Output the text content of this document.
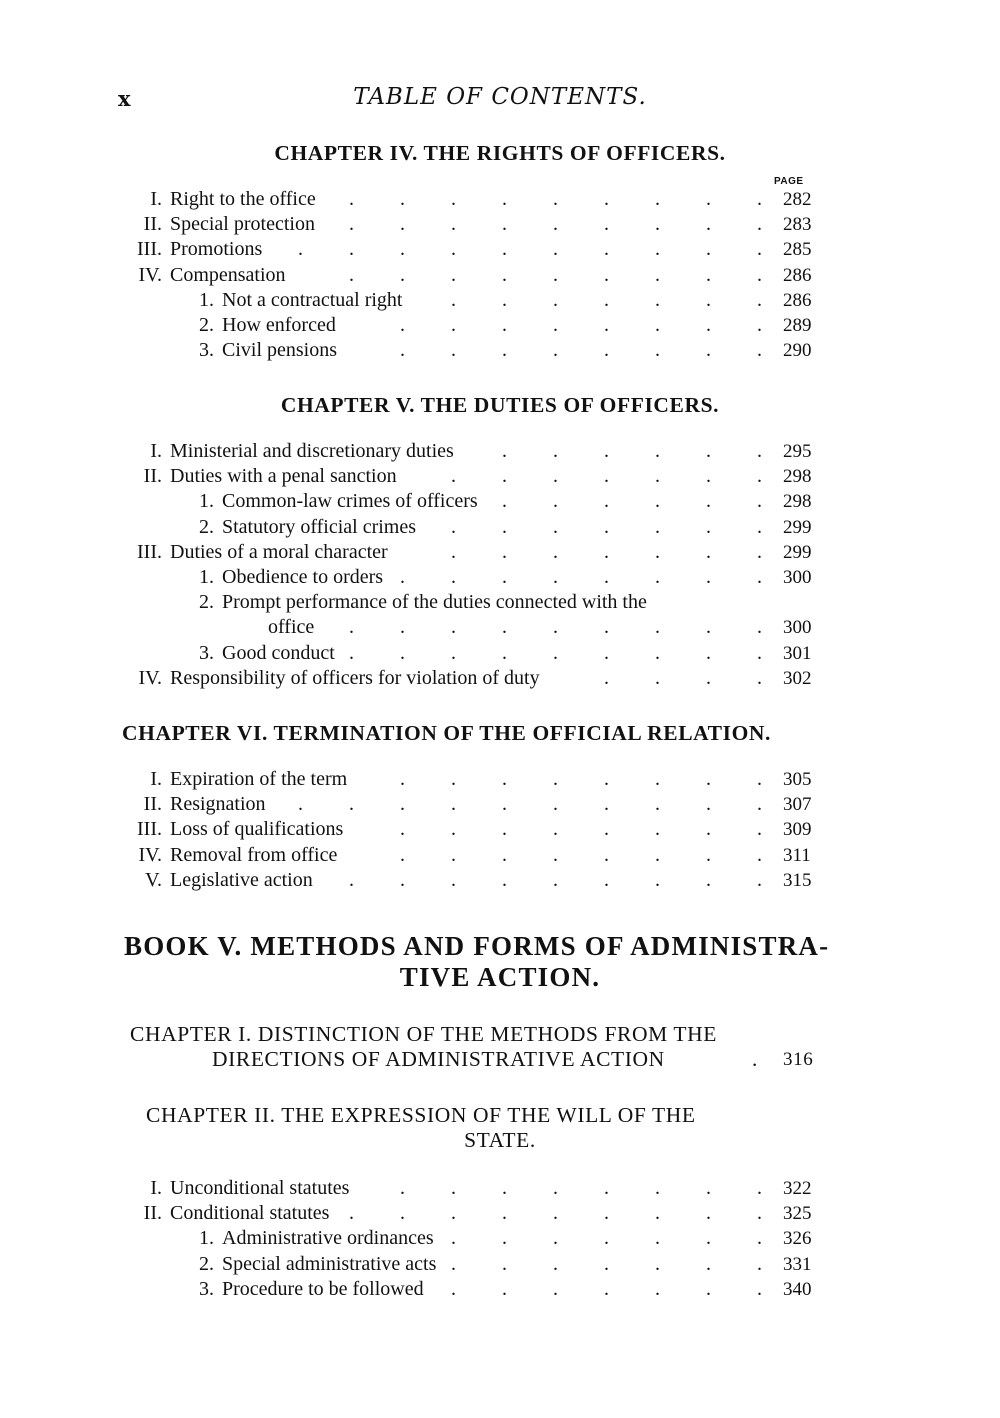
x	TABLE OF CONTENTS.
CHAPTER IV. THE RIGHTS OF OFFICERS.
PAGE
I. Right to the office	282
.
.
.
.
.
.
.
.
.
II. Special protection	283
.
.
.
.
.
.
.
.
.
III. Promotions	285
.
.
.
.
.
.
.
.
.
.
IV. Compensation	286
.
.
.
.
.
.
.
.
.
1. Not a contractual right	286
.
.
.
.
.
.
.
2. How enforced	289
.
.
.
.
.
.
.
.
3. Civil pensions	290
.
.
.
.
.
.
.
.
CHAPTER V. THE DUTIES OF OFFICERS.
I. Ministerial and discretionary duties	295
.
.
.
.
.
.
II. Duties with a penal sanction	298
.
.
.
.
.
.
.
1. Common-law crimes of officers	298
.
.
.
.
.
.
2. Statutory official crimes	299
.
.
.
.
.
.
.
III. Duties of a moral character	299
.
.
.
.
.
.
.
1. Obedience to orders	300
.
.
.
.
.
.
.
.
2. Prompt performance of the duties connected with the
office	300
.
.
.
.
.
.
.
.
.
3. Good conduct	301
.
.
.
.
.
.
.
.
.
IV. Responsibility of officers for violation of duty	302
.
.
.
.
CHAPTER VI. TERMINATION OF THE OFFICIAL RELATION.
I. Expiration of the term	305
.
.
.
.
.
.
.
.
II. Resignation	307
.
.
.
.
.
.
.
.
.
.
III. Loss of qualifications	309
.
.
.
.
.
.
.
.
IV. Removal from office	311
.
.
.
.
.
.
.
.
V. Legislative action	315
.
.
.
.
.
.
.
.
.
BOOK V. METHODS AND FORMS OF ADMINISTRA-
TIVE ACTION.
CHAPTER I. DISTINCTION OF THE METHODS FROM THE
DIRECTIONS OF ADMINISTRATIVE ACTION	. 316
CHAPTER II. THE EXPRESSION OF THE WILL OF THE
STATE.
I. Unconditional statutes	322
.
.
.
.
.
.
.
.
II. Conditional statutes	325
.
.
.
.
.
.
.
.
.
1. Administrative ordinances	326
.
.
.
.
.
.
.
2. Special administrative acts	331
.
.
.
.
.
.
.
3. Procedure to be followed	340
.
.
.
.
.
.
.
